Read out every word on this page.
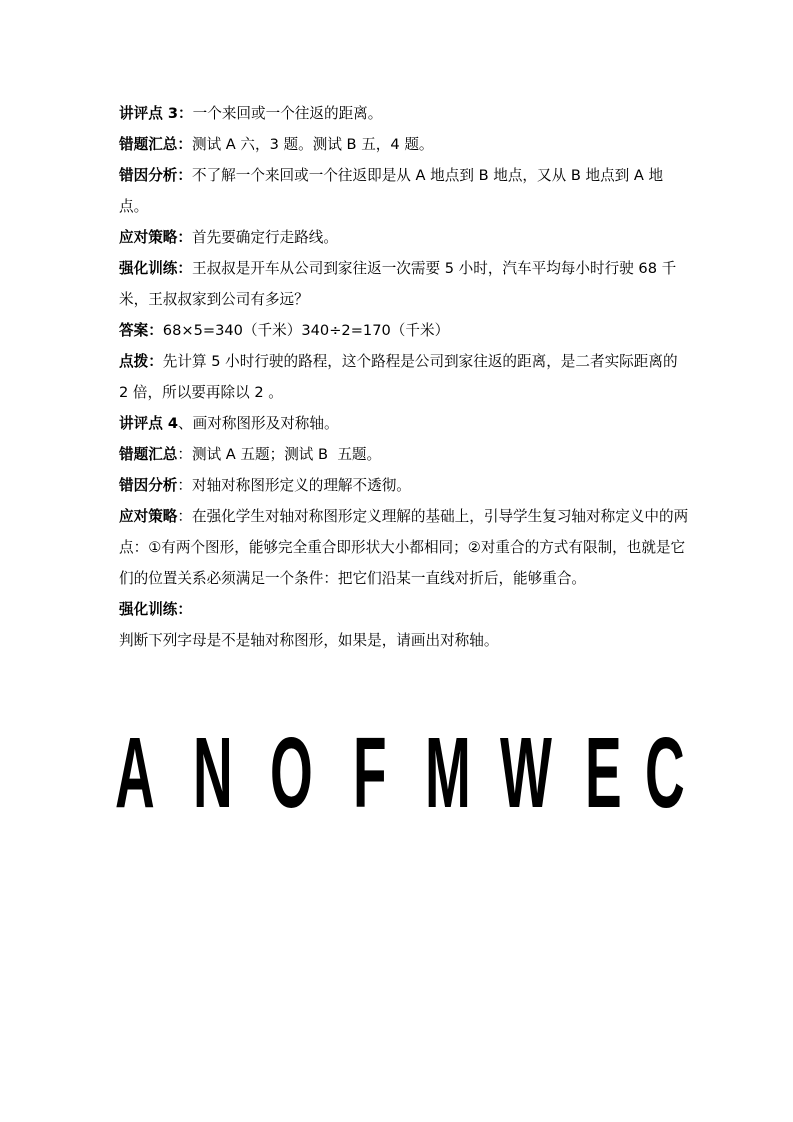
讲评点 3：一个来回或一个往返的距离。

错题汇总：测试 A 六，3 题。测试 B 五，4 题。

错因分析：不了解一个来回或一个往返即是从 A 地点到 B 地点，又从 B 地点到 A 地点。

应对策略：首先要确定行走路线。

强化训练：王叔叔是开车从公司到家往返一次需要 5 小时，汽车平均每小时行驶 68 千米，王叔叔家到公司有多远？

答案：68×5=340（千米）340÷2=170（千米）

点拨：先计算 5 小时行驶的路程，这个路程是公司到家往返的距离，是二者实际距离的 2 倍，所以要再除以 2 。

讲评点 4、画对称图形及对称轴。

错题汇总：测试 A 五题；测试 B  五题。

错因分析：对轴对称图形定义的理解不透彻。

应对策略：在强化学生对轴对称图形定义理解的基础上，引导学生复习轴对称定义中的两点：①有两个图形，能够完全重合即形状大小都相同；②对重合的方式有限制，也就是它们的位置关系必须满足一个条件：把它们沿某一直线对折后，能够重合。

强化训练：

判断下列字母是不是轴对称图形，如果是，请画出对称轴。

A N O F M W E C
